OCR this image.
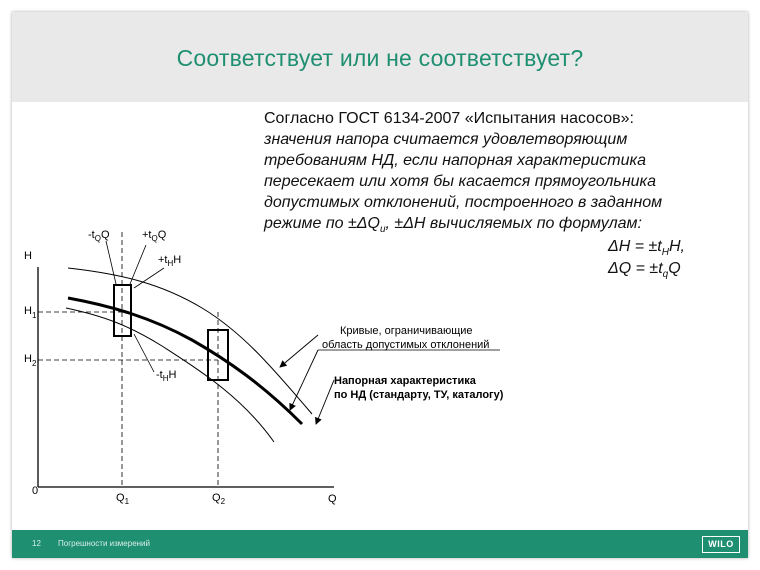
Соответствует или не соответствует?
Согласно ГОСТ 6134-2007 «Испытания насосов»:
значения напора считается удовлетворяющим
требованиям НД, если напорная характеристика
пересекает или хотя бы касается прямоугольника
допустимых отклонений, построенного в заданном
режиме по $\pm\Delta Q_и$, ±ΔH вычисляемых по формулам:
$\Delta H = \pm t_HH$,
$\Delta Q = \pm t_qQ$
H
Q
0
$H_1$
$H_2$
$Q_1$	$Q_2$
$-t_QQ$	$+t_QQ$
$+t_HH$
$-t_HH$
Кривые, ограничивающие
область допустимых отклонений
Напорная характеристика
по НД (стандарту, ТУ, каталогу)
12 Погрешности измерений	WILO
